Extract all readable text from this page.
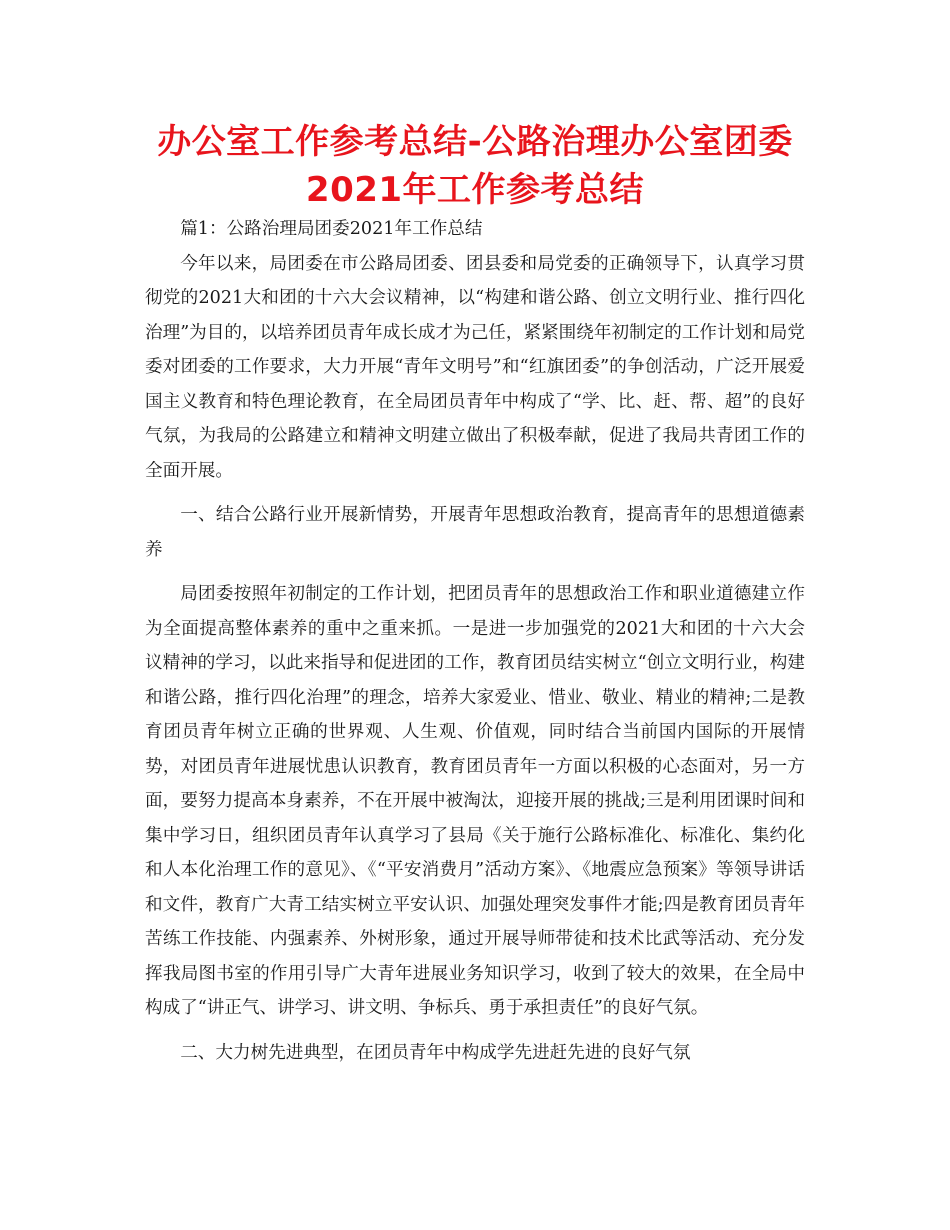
办公室工作参考总结-公路治理办公室团委2021年工作参考总结

篇1：公路治理局团委2021年工作总结

今年以来，局团委在市公路局团委、团县委和局党委的正确领导下，认真学习贯彻党的2021大和团的十六大会议精神，以“构建和谐公路、创立文明行业、推行四化治理”为目的，以培养团员青年成长成才为己任，紧紧围绕年初制定的工作计划和局党委对团委的工作要求，大力开展“青年文明号”和“红旗团委”的争创活动，广泛开展爱国主义教育和特色理论教育，在全局团员青年中构成了“学、比、赶、帮、超”的良好气氛，为我局的公路建立和精神文明建立做出了积极奉献，促进了我局共青团工作的全面开展。

一、结合公路行业开展新情势，开展青年思想政治教育，提高青年的思想道德素养

局团委按照年初制定的工作计划，把团员青年的思想政治工作和职业道德建立作为全面提高整体素养的重中之重来抓。一是进一步加强党的2021大和团的十六大会议精神的学习，以此来指导和促进团的工作，教育团员结实树立“创立文明行业，构建和谐公路，推行四化治理”的理念，培养大家爱业、惜业、敬业、精业的精神;二是教育团员青年树立正确的世界观、人生观、价值观，同时结合当前国内国际的开展情势，对团员青年进展忧患认识教育，教育团员青年一方面以积极的心态面对，另一方面，要努力提高本身素养，不在开展中被淘汰，迎接开展的挑战;三是利用团课时间和集中学习日，组织团员青年认真学习了县局《关于施行公路标准化、标准化、集约化和人本化治理工作的意见》、《“平安消费月”活动方案》、《地震应急预案》等领导讲话和文件，教育广大青工结实树立平安认识、加强处理突发事件才能;四是教育团员青年苦练工作技能、内强素养、外树形象，通过开展导师带徒和技术比武等活动、充分发挥我局图书室的作用引导广大青年进展业务知识学习，收到了较大的效果，在全局中构成了“讲正气、讲学习、讲文明、争标兵、勇于承担责任”的良好气氛。

二、大力树先进典型，在团员青年中构成学先进赶先进的良好气氛
